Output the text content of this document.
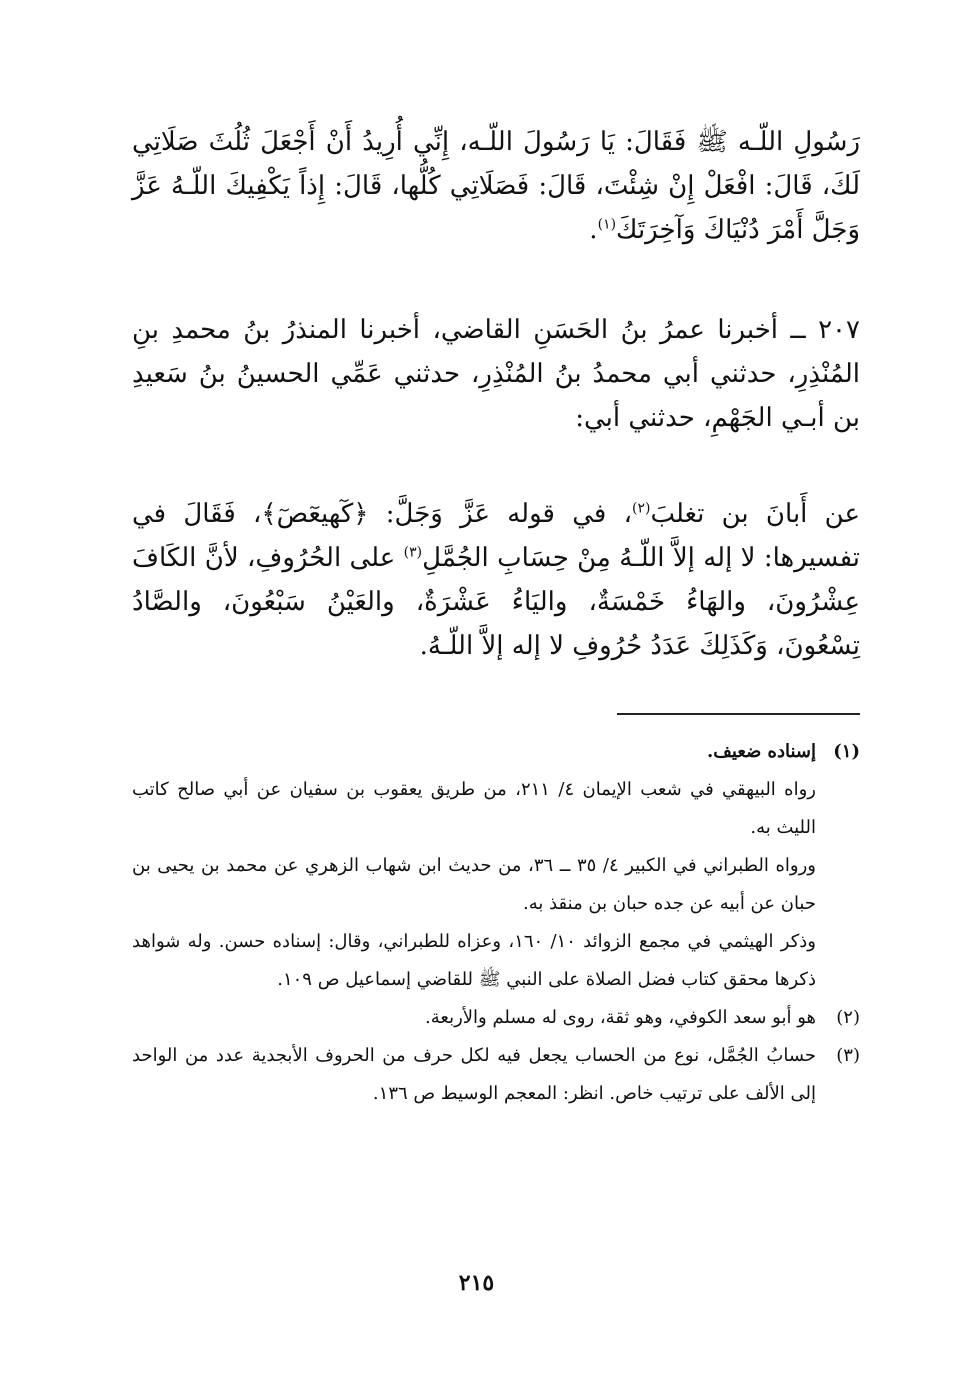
رَسُولِ اللّـه ﷺ فَقَالَ: يَا رَسُولَ اللّـه، إِنِّي أُرِيدُ أَنْ أَجْعَلَ ثُلُثَ صَلَاتِي لَكَ، قَالَ: افْعَلْ إِنْ شِئْتَ، قَالَ: فَصَلَاتِي كُلُّها، قَالَ: إِذاً يَكْفِيكَ اللّـهُ عَزَّ وَجَلَّ أَمْرَ دُنْيَاكَ وَآخِرَتَكَ$^{(١)}$.

٢٠٧ ــ أخبرنا عمرُ بنُ الحَسَنِ القاضي، أخبرنا المنذرُ بنُ محمدِ بنِ المُنْذِرِ، حدثني أبي محمدُ بنُ المُنْذِرِ، حدثني عَمِّي الحسينُ بنُ سَعيدِ بن أبـي الجَهْمِ، حدثني أبي:

عن أَبانَ بن تغلبَ$^{(٢)}$، في قوله عَزَّ وَجَلَّ: ﴿كٓهيعٓصٓ﴾، فَقَالَ في تفسيرها: لا إله إلاَّ اللّـهُ مِنْ حِسَابِ الجُمَّلِ$^{(٣)}$ على الحُرُوفِ، لأنَّ الكَافَ عِشْرُونَ، والهَاءُ خَمْسَةٌ، واليَاءُ عَشْرَةٌ، والعَيْنُ سَبْعُونَ، والصَّادُ تِسْعُونَ، وَكَذَلِكَ عَدَدُ حُرُوفِ لا إله إلاَّ اللّـهُ.

(١)
إسناده ضعيف.

رواه البيهقي في شعب الإيمان ٤/ ٢١١، من طريق يعقوب بن سفيان عن أبي صالح كاتب الليث به.

ورواه الطبراني في الكبير ٤/ ٣٥ ــ ٣٦، من حديث ابن شهاب الزهري عن محمد بن يحيى بن حبان عن أبيه عن جده حبان بن منقذ به.

وذكر الهيثمي في مجمع الزوائد ١٠/ ١٦٠، وعزاه للطبراني، وقال: إسناده حسن. وله شواهد ذكرها محقق كتاب فضل الصلاة على النبي ﷺ للقاضي إسماعيل ص ١٠٩.

(٢)
هو أبو سعد الكوفي، وهو ثقة، روى له مسلم والأربعة.
(٣)
حسابُ الجُمَّل، نوع من الحساب يجعل فيه لكل حرف من الحروف الأبجدية عدد من الواحد إلى الألف على ترتيب خاص. انظر: المعجم الوسيط ص ١٣٦.
٢١٥
